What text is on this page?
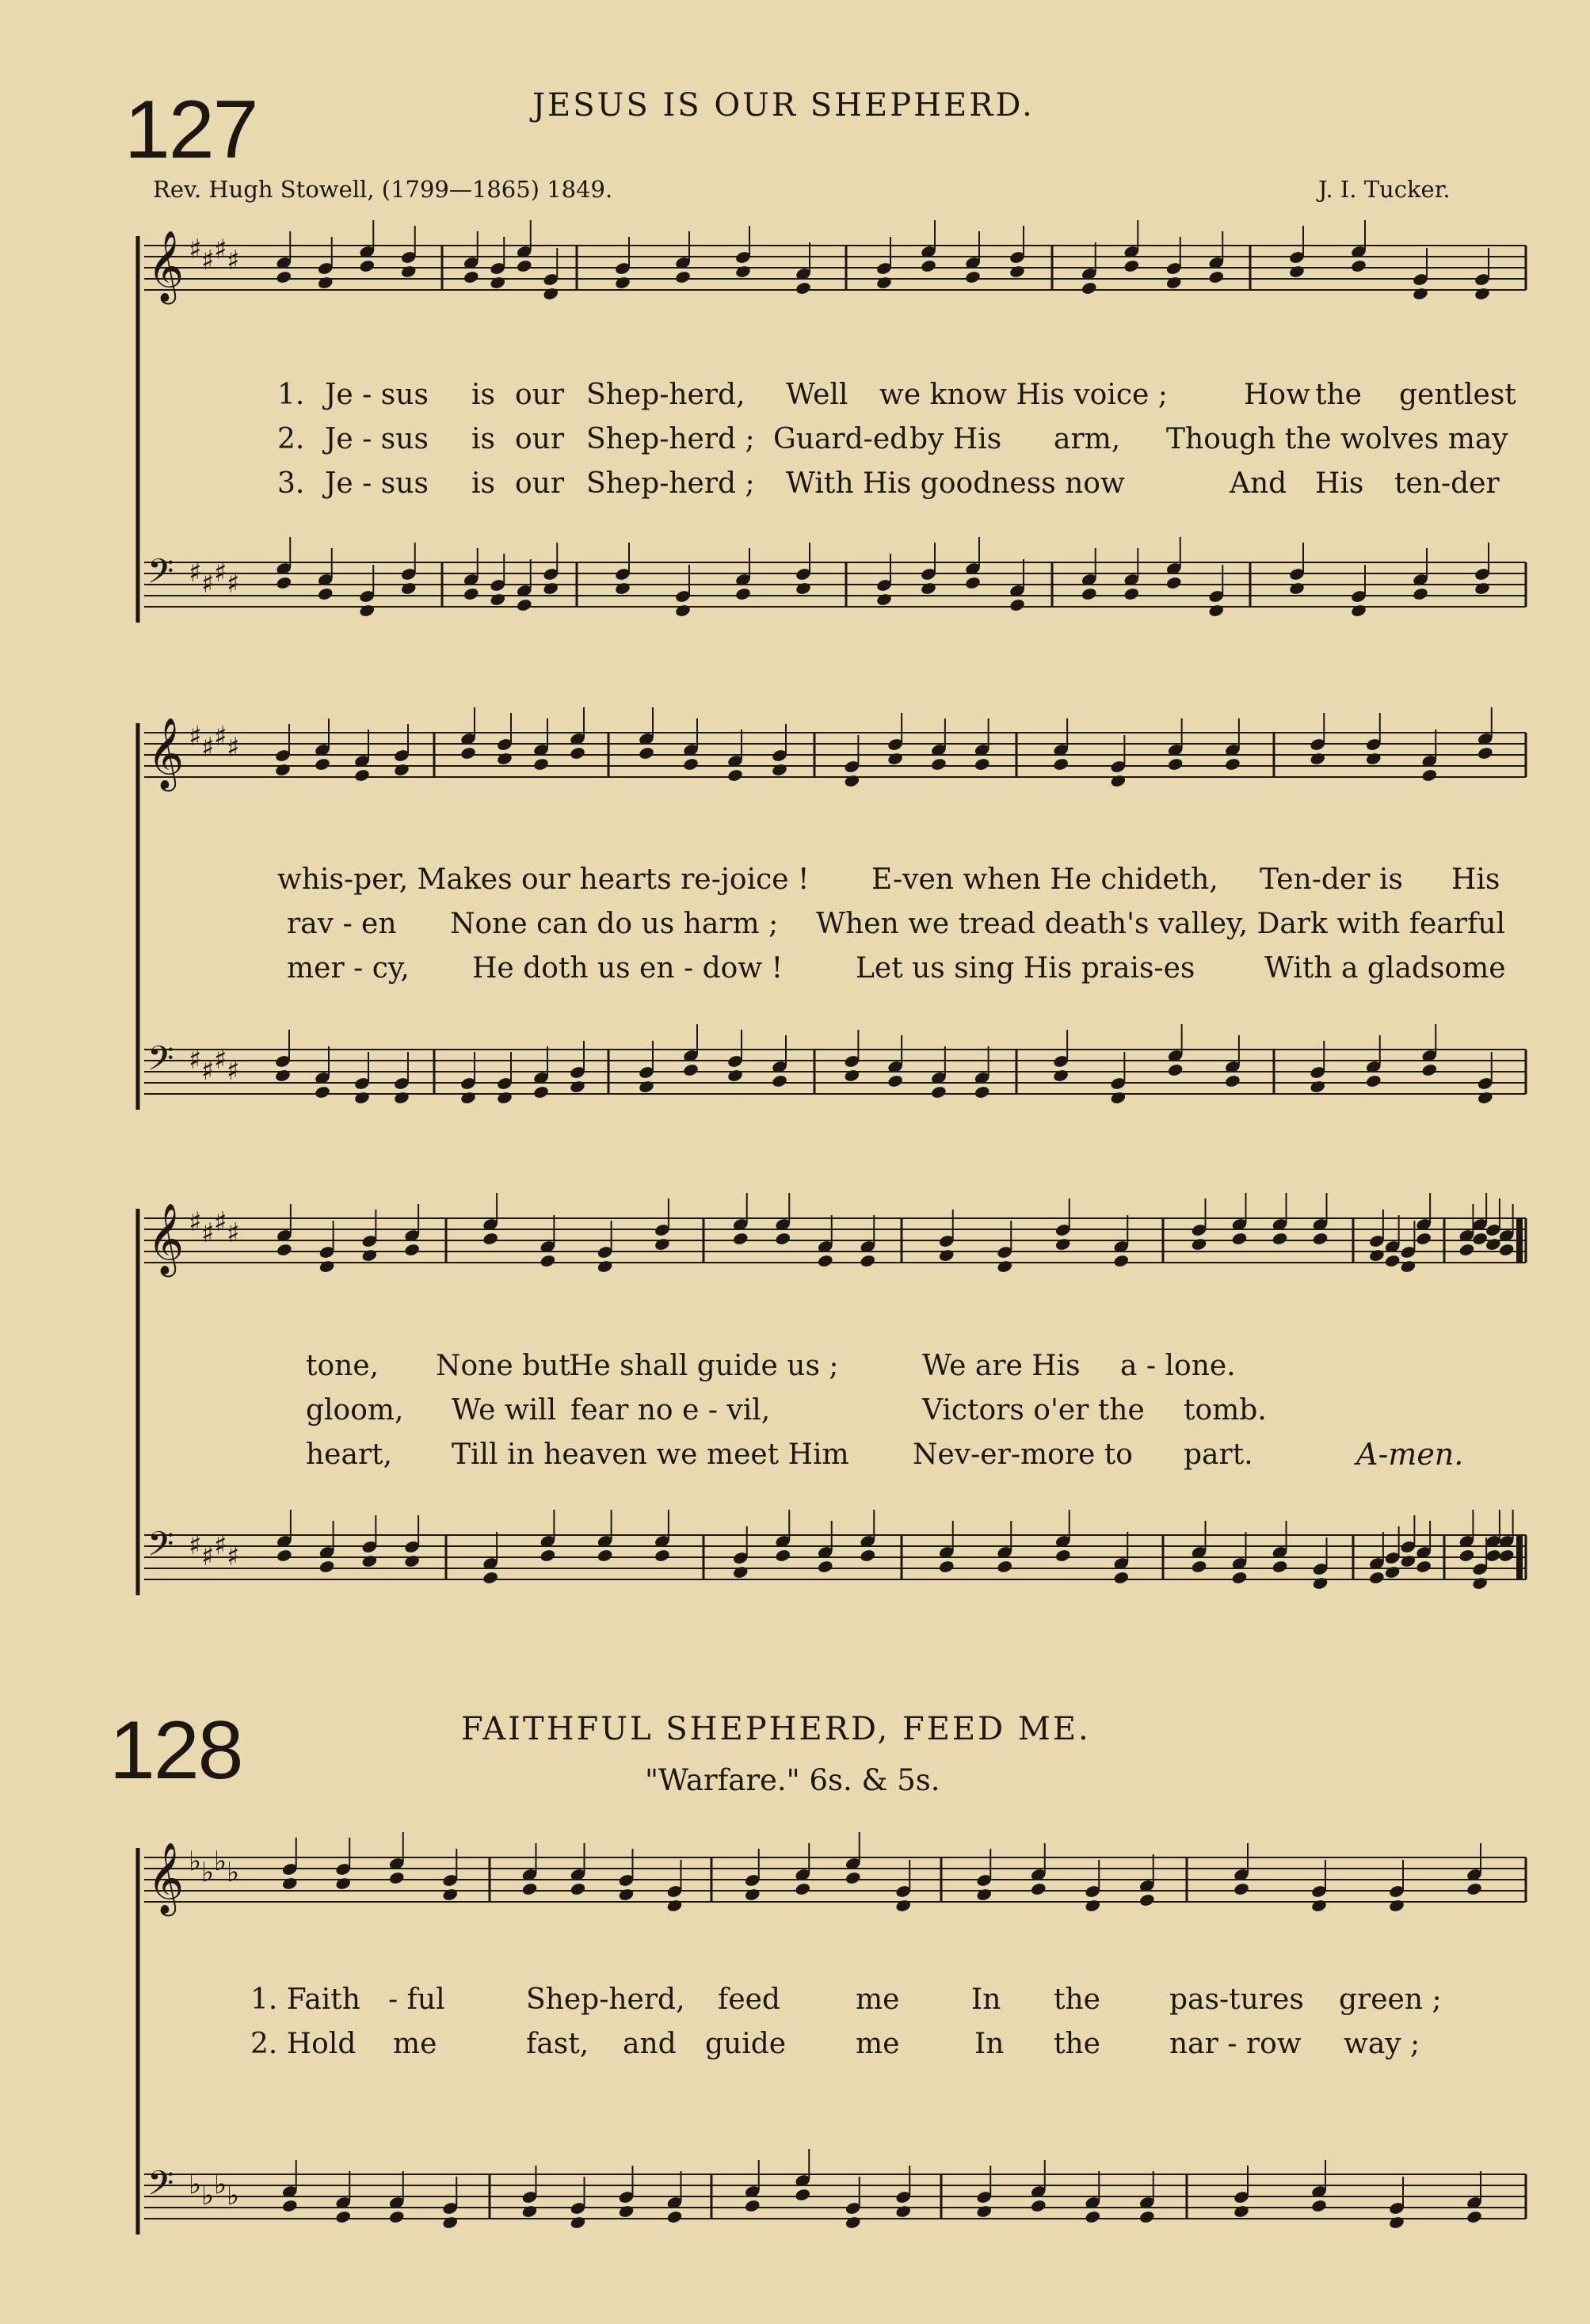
127	JESUS IS OUR SHEPHERD.
Rev. Hugh Stowell, (1799—1865) 1849.	J. I. Tucker.
𝄞 ♯ ♯ ♯ ♯
𝄢 ♯ ♯ ♯ ♯
𝄞 ♯ ♯ ♯ ♯
𝄢 ♯ ♯ ♯ ♯
𝄞 ♯ ♯ ♯ ♯
𝄢 ♯ ♯ ♯ ♯
𝄞 ♭ ♭ ♭ ♭
𝄢 ♭ ♭ ♭ ♭
1. Je - sus is our Shep-herd, Well we know His voice ;	How the gentlest
2. Je - sus is our Shep-herd ; Guard-ed by His arm, Though the wolves may
3. Je - sus is our Shep-herd ; With His goodness now	And His ten-der
whis-per, Makes our hearts re-joice ! E-ven when He chideth, Ten-der is His
rav - en None can do us harm ; When we tread death's valley, Dark with fearful
mer - cy, He doth us en - dow !	Let us sing His prais-es With a gladsome
tone, None but
He shall guide us ;	We are His a - lone.
gloom, We will fear no e - vil,	Victors o'er the tomb.
heart, Till in heaven we meet Him Nev-er-more to part.	A-men.
128	FAITHFUL SHEPHERD, FEED ME.
"Warfare." 6s. & 5s.
1. Faith - ful	Shep-herd, feed	me	In the pas-tures green ;
2. Hold me	fast, and guide me	In the nar - row way ;
